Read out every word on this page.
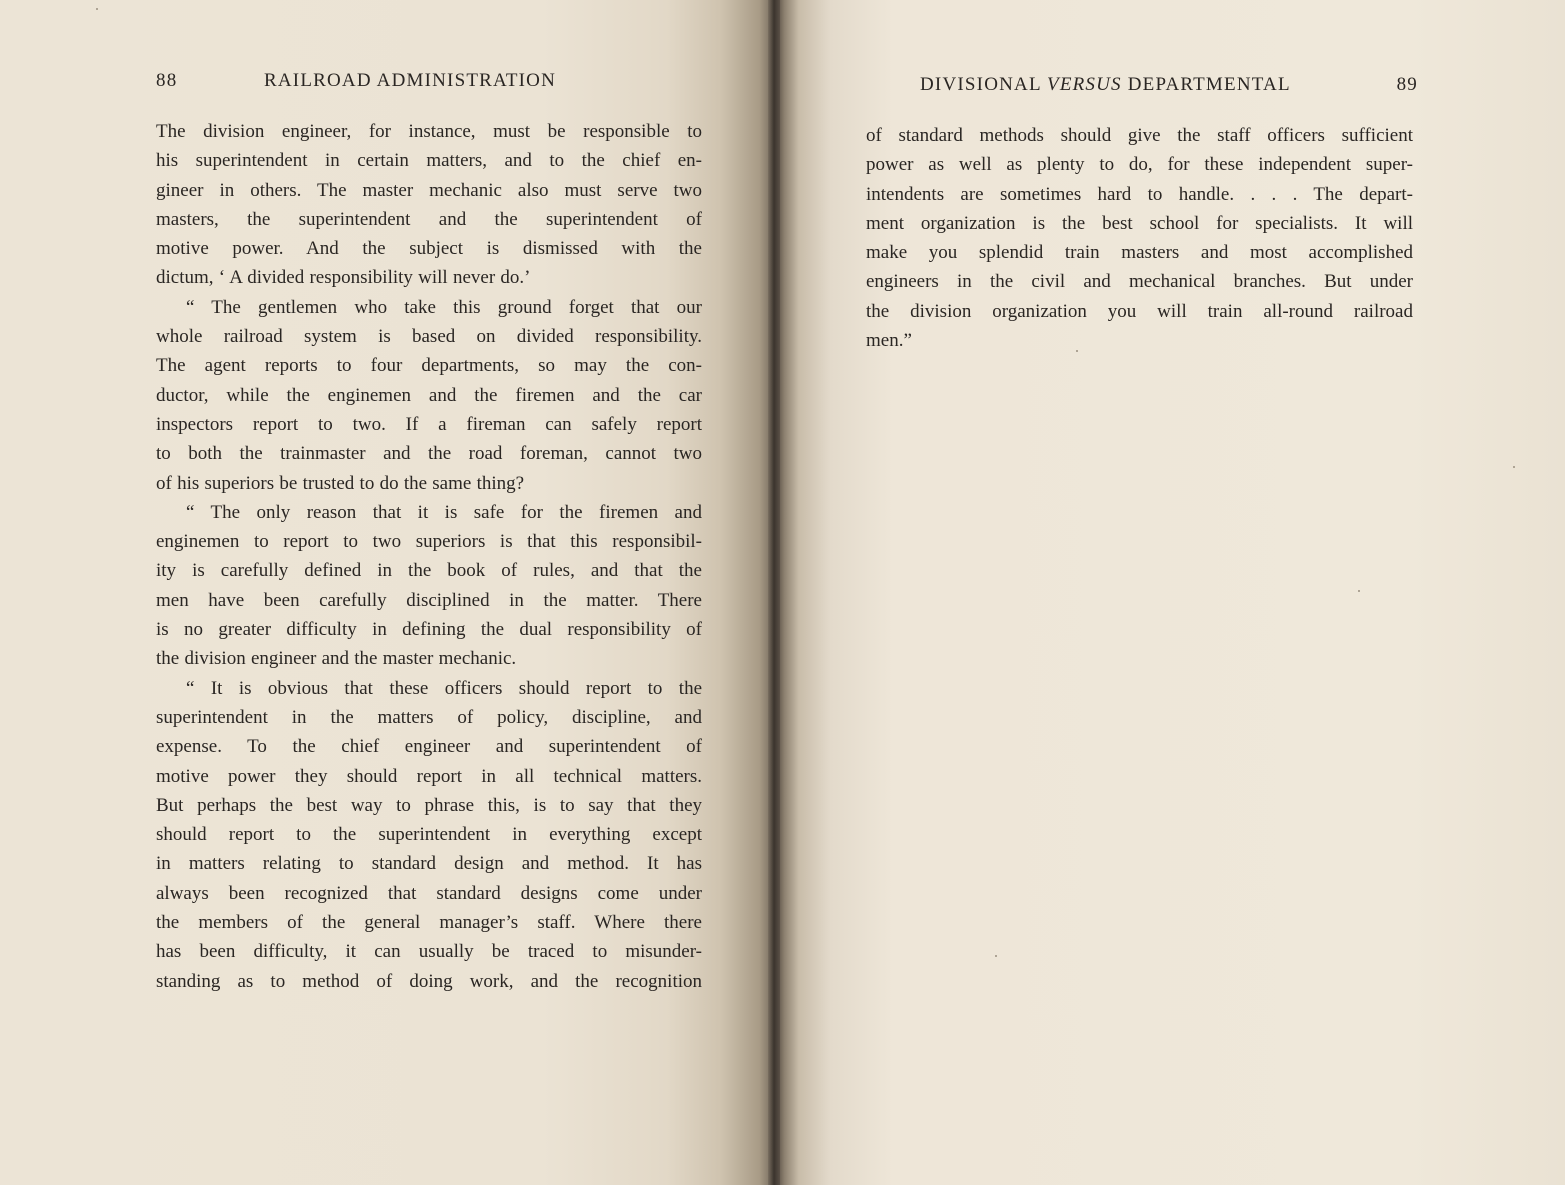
88	RAILROAD ADMINISTRATION
The division engineer, for instance, must be responsible to
his superintendent in certain matters, and to the chief en-
gineer in others. The master mechanic also must serve two
masters, the superintendent and the superintendent of
motive power. And the subject is dismissed with the
dictum, ‘ A divided responsibility will never do.’
“ The gentlemen who take this ground forget that our
whole railroad system is based on divided responsibility.
The agent reports to four departments, so may the con-
ductor, while the enginemen and the firemen and the car
inspectors report to two. If a fireman can safely report
to both the trainmaster and the road foreman, cannot two
of his superiors be trusted to do the same thing?
“ The only reason that it is safe for the firemen and
enginemen to report to two superiors is that this responsibil-
ity is carefully defined in the book of rules, and that the
men have been carefully disciplined in the matter. There
is no greater difficulty in defining the dual responsibility of
the division engineer and the master mechanic.
“ It is obvious that these officers should report to the
superintendent in the matters of policy, discipline, and
expense. To the chief engineer and superintendent of
motive power they should report in all technical matters.
But perhaps the best way to phrase this, is to say that they
should report to the superintendent in everything except
in matters relating to standard design and method. It has
always been recognized that standard designs come under
the members of the general manager’s staff. Where there
has been difficulty, it can usually be traced to misunder-
standing as to method of doing work, and the recognition
DIVISIONAL VERSUS DEPARTMENTAL	89
of standard methods should give the staff officers sufficient
power as well as plenty to do, for these independent super-
intendents are sometimes hard to handle. . . . The depart-
ment organization is the best school for specialists. It will
make you splendid train masters and most accomplished
engineers in the civil and mechanical branches. But under
the division organization you will train all-round railroad
men.”
